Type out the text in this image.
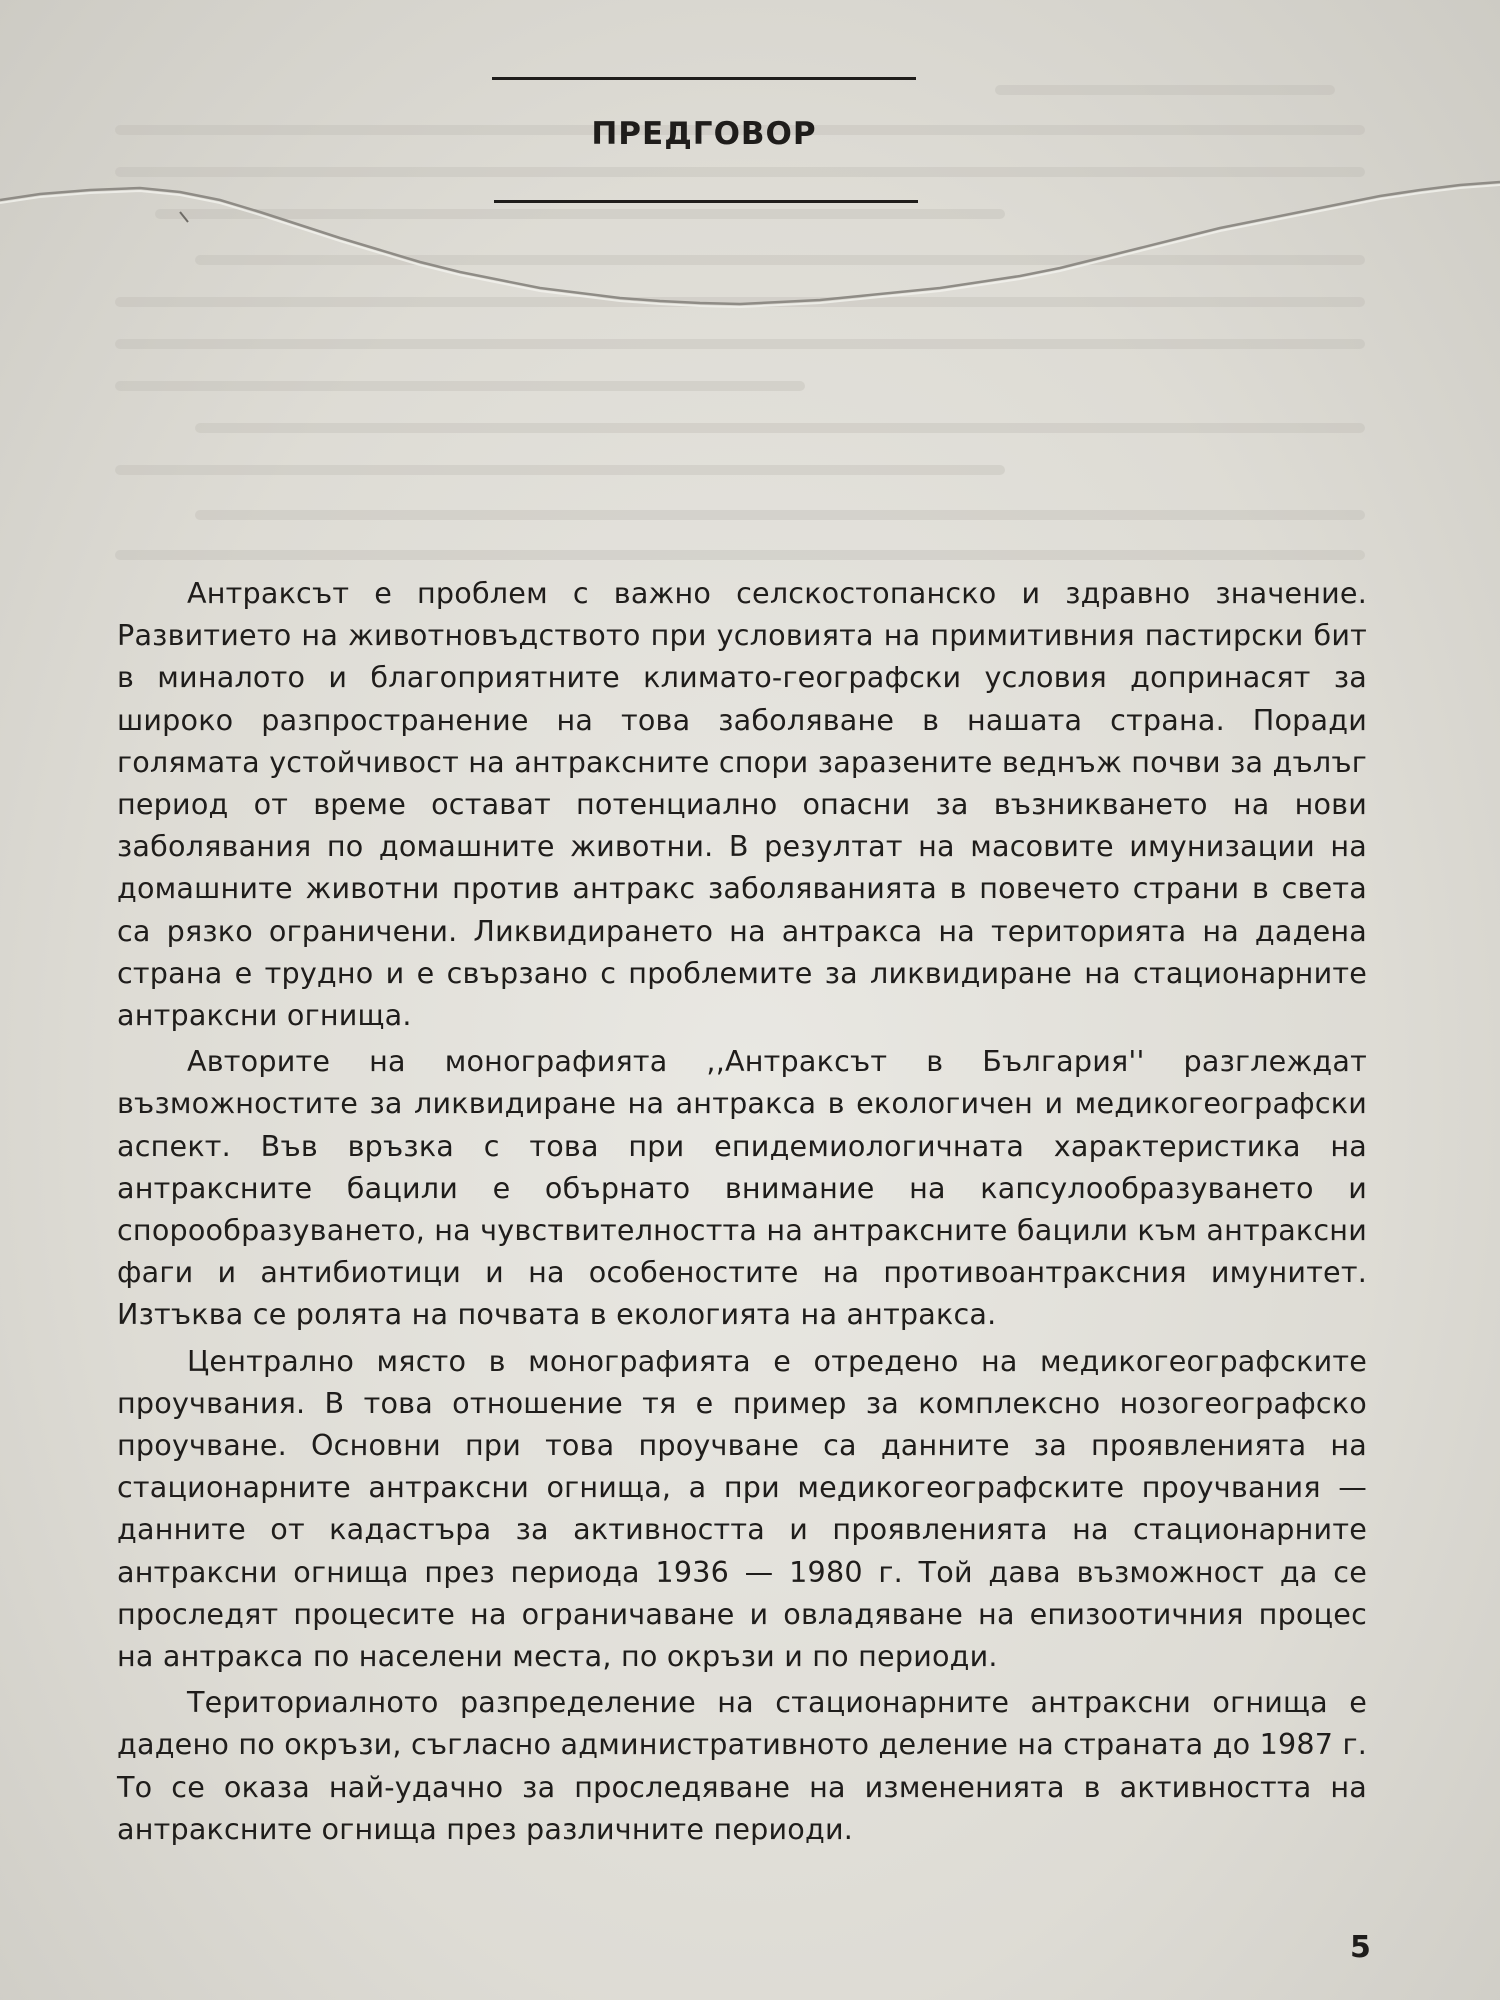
ПРЕДГОВОР

Антраксът е проблем с важно селскостопанско и здравно значение. Развитието на животновъдството при условията на примитивния пастирски бит в миналото и благоприятните климато-географски условия допринасят за широко разпространение на това заболяване в нашата страна. Поради голямата устойчивост на антраксните спори заразените веднъж почви за дълъг период от време остават потенциално опасни за възникването на нови заболявания по домашните животни. В резултат на масовите имунизации на домашните животни против антракс заболяванията в повечето страни в света са рязко ограничени. Ликвидирането на антракса на територията на дадена страна е трудно и е свързано с проблемите за ликвидиране на стационарните антраксни огнища.

Авторите на монографията ,,Антраксът в България'' разглеждат възможностите за ликвидиране на антракса в екологичен и медикогеографски аспект. Във връзка с това при епидемиологичната характеристика на антраксните бацили е обърнато внимание на капсулообразуването и спорообразуването, на чувствителността на антраксните бацили към антраксни фаги и антибиотици и на особеностите на противоантраксния имунитет. Изтъква се ролята на почвата в екологията на антракса.

Централно място в монографията е отредено на медикогеографските проучвания. В това отношение тя е пример за комплексно нозогеографско проучване. Основни при това проучване са данните за проявленията на стационарните антраксни огнища, а при медикогеографските проучвания — данните от кадастъра за активността и проявленията на стационарните антраксни огнища през периода 1936 — 1980 г. Той дава възможност да се проследят процесите на ограничаване и овладяване на епизоотичния процес на антракса по населени места, по окръзи и по периоди.

Териториалното разпределение на стационарните антраксни огнища е дадено по окръзи, съгласно административното деление на страната до 1987 г. То се оказа най-удачно за проследяване на измененията в активността на антраксните огнища през различните периоди.

5
